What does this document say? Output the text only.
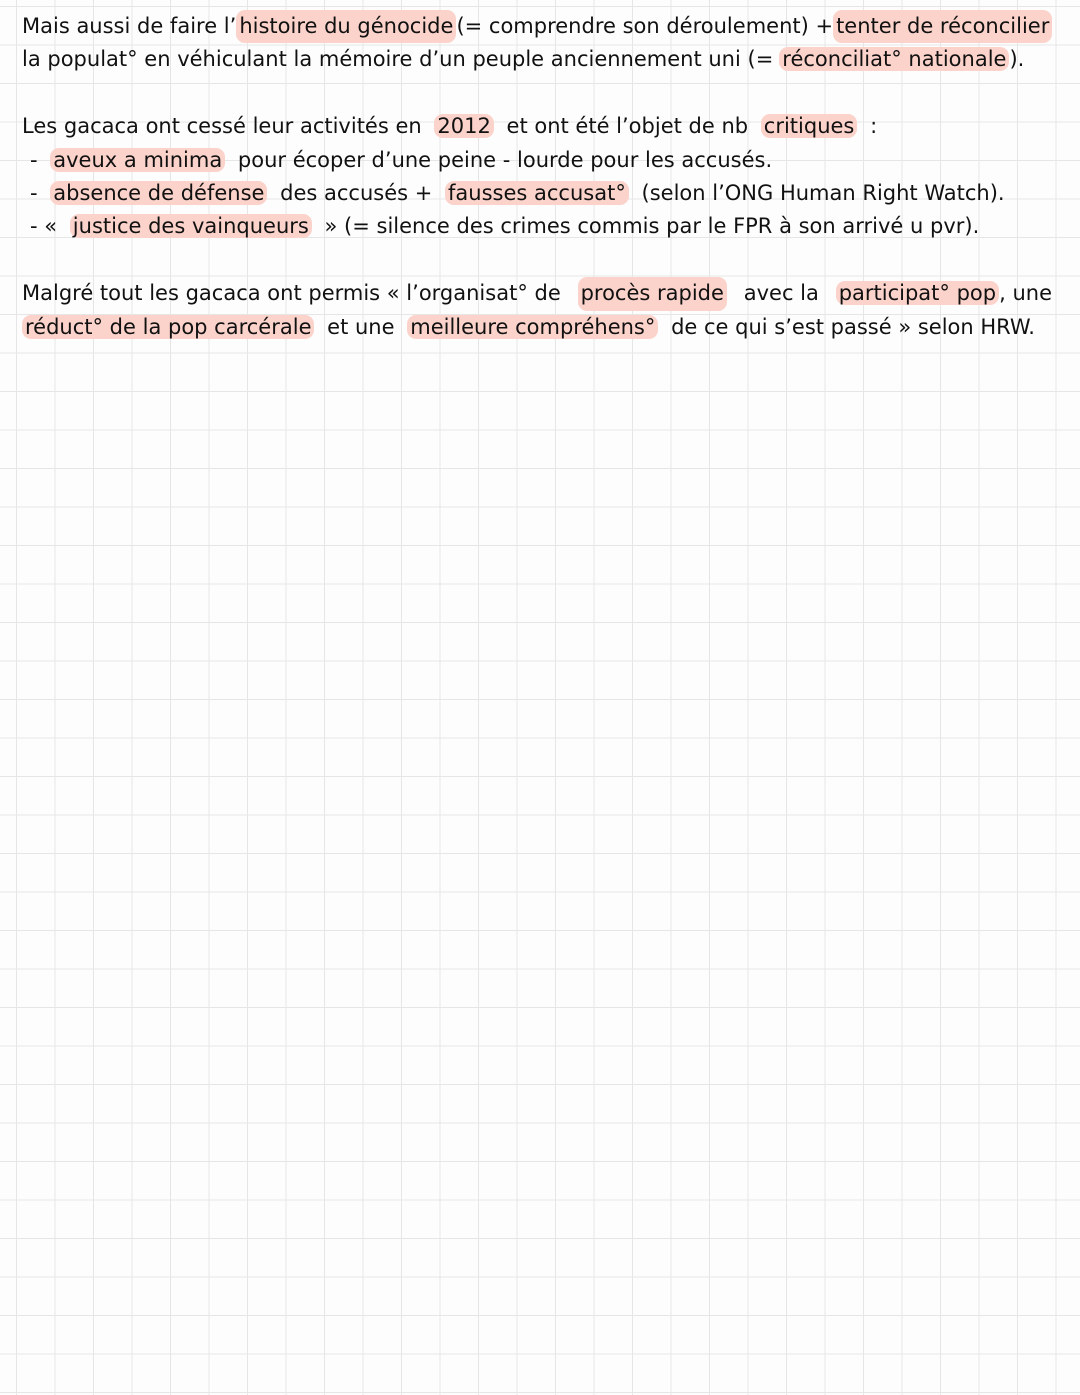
Mais aussi de faire l’ histoire du génocide (= comprendre son déroulement) + tenter de réconcilier
la populat° en véhiculant la mémoire d’un peuple anciennement uni (= réconciliat° nationale ).
Les gacaca ont cessé leur activités en 2012 et ont été l’objet de nb critiques :
- aveux a minima pour écoper d’une peine - lourde pour les accusés.
- absence de défense des accusés + fausses accusat° (selon l’ONG Human Right Watch).
- « justice des vainqueurs » (= silence des crimes commis par le FPR à son arrivé u pvr).
Malgré tout les gacaca ont permis « l’organisat° de procès rapide avec la participat° pop , une
réduct° de la pop carcérale et une meilleure compréhens° de ce qui s’est passé » selon HRW.
